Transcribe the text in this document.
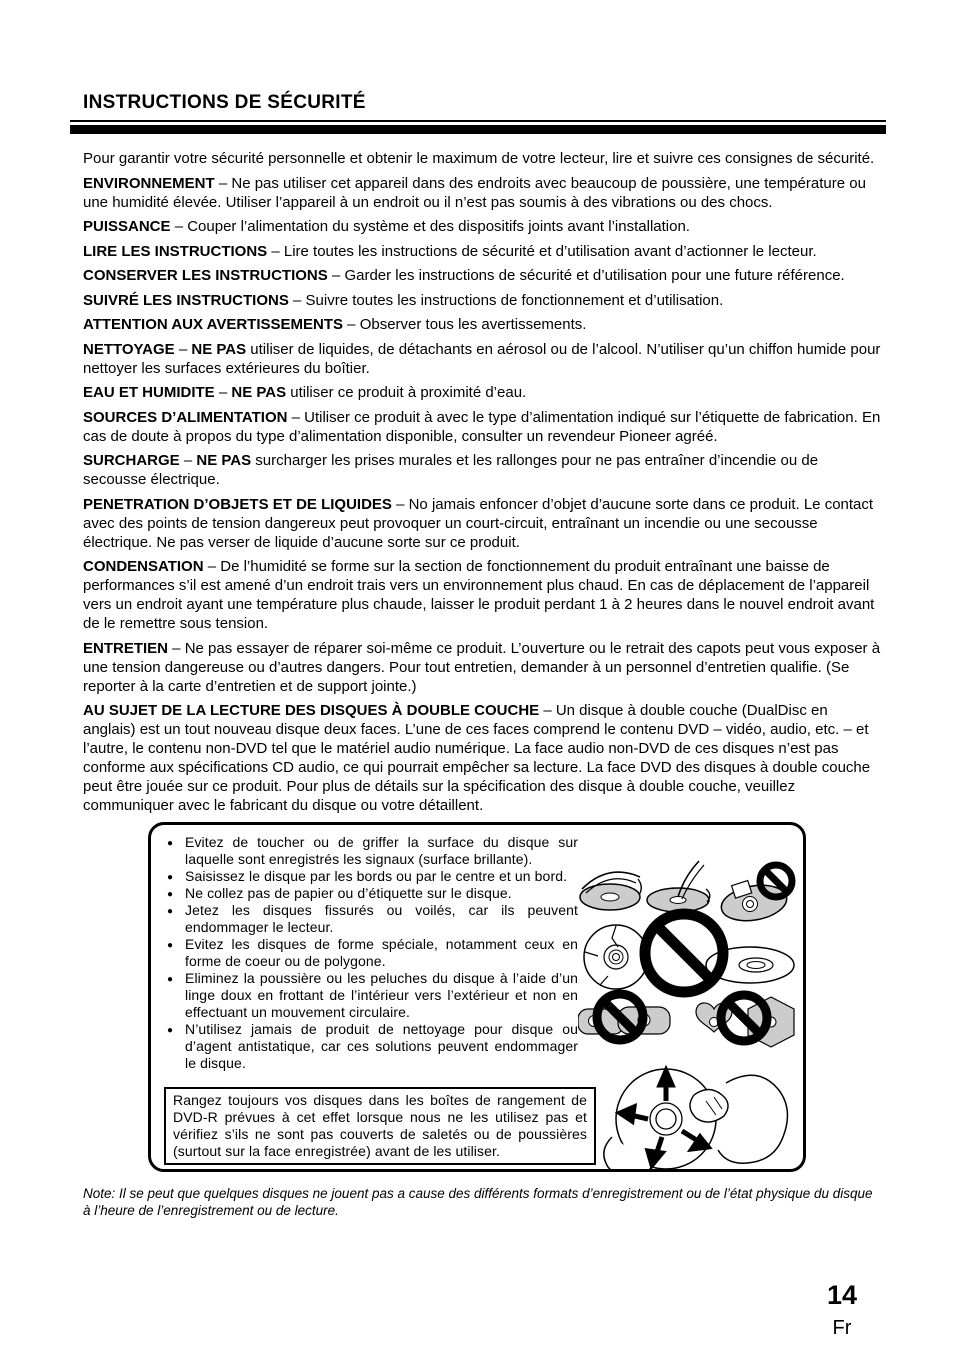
INSTRUCTIONS DE SÉCURITÉ

Pour garantir votre sécurité personnelle et obtenir le maximum de votre lecteur, lire et suivre ces consignes de sécurité.

ENVIRONNEMENT – Ne pas utiliser cet appareil dans des endroits avec beaucoup de poussière, une température ou une humidité élevée. Utiliser l’appareil à un endroit ou il n’est pas soumis à des vibrations ou des chocs.

PUISSANCE – Couper l’alimentation du système et des dispositifs joints avant l’installation.

LIRE LES INSTRUCTIONS – Lire toutes les instructions de sécurité et d’utilisation avant d’actionner le lecteur.

CONSERVER LES INSTRUCTIONS – Garder les instructions de sécurité et d’utilisation pour une future référence.

SUIVRÉ LES INSTRUCTIONS – Suivre toutes les instructions de fonctionnement et d’utilisation.

ATTENTION AUX AVERTISSEMENTS – Observer tous les avertissements.

NETTOYAGE – NE PAS utiliser de liquides, de détachants en aérosol ou de l’alcool. N’utiliser qu’un chiffon humide pour nettoyer les surfaces extérieures du boîtier.

EAU ET HUMIDITE – NE PAS utiliser ce produit à proximité d’eau.

SOURCES D’ALIMENTATION – Utiliser ce produit à avec le type d’alimentation indiqué sur l’étiquette de fabrication. En cas de doute à propos du type d’alimentation disponible, consulter un revendeur Pioneer agréé.

SURCHARGE – NE PAS surcharger les prises murales et les rallonges pour ne pas entraîner d’incendie ou de secousse électrique.

PENETRATION D’OBJETS ET DE LIQUIDES – No jamais enfoncer d’objet d’aucune sorte dans ce produit. Le contact avec des points de tension dangereux peut provoquer un court-circuit, entraînant un incendie ou une secousse électrique. Ne pas verser de liquide d’aucune sorte sur ce produit.

CONDENSATION – De l’humidité se forme sur la section de fonctionnement du produit entraînant une baisse de performances s’il est amené d’un endroit trais vers un environnement plus chaud. En cas de déplacement de l’appareil vers un endroit ayant une température plus chaude, laisser le produit perdant 1 à 2 heures dans le nouvel endroit avant de le remettre sous tension.

ENTRETIEN – Ne pas essayer de réparer soi-même ce produit. L’ouverture ou le retrait des capots peut vous exposer à une tension dangereuse ou d’autres dangers. Pour tout entretien, demander à un personnel d’entretien qualifie. (Se reporter à la carte d’entretien et de support jointe.)

AU SUJET DE LA LECTURE DES DISQUES À DOUBLE COUCHE – Un disque à double couche (DualDisc en anglais) est un tout nouveau disque deux faces. L’une de ces faces comprend le contenu DVD – vidéo, audio, etc. – et l’autre, le contenu non-DVD tel que le matériel audio numérique. La face audio non-DVD de ces disques n’est pas conforme aux spécifications CD audio, ce qui pourrait empêcher sa lecture. La face DVD des disques à double couche peut être jouée sur ce produit. Pour plus de détails sur la spécification des disque à double couche, veuillez communiquer avec le fabricant du disque ou votre détaillent.

● Evitez de toucher ou de griffer la surface du disque sur laquelle sont enregistrés les signaux (surface brillante).
● Saisissez le disque par les bords ou par le centre et un bord.
● Ne collez pas de papier ou d’étiquette sur le disque.
● Jetez les disques fissurés ou voilés, car ils peuvent endommager le lecteur.
● Evitez les disques de forme spéciale, notamment ceux en forme de coeur ou de polygone.
● Eliminez la poussière ou les peluches du disque à l’aide d’un linge doux en frottant de l’intérieur vers l’extérieur et non en effectuant un mouvement circulaire.
● N’utilisez jamais de produit de nettoyage pour disque ou d’agent antistatique, car ces solutions peuvent endommager le disque.
Rangez toujours vos disques dans les boîtes de rangement de DVD-R prévues à cet effet lorsque nous ne les utilisez pas et vérifiez s’ils ne sont pas couverts de saletés ou de poussières (surtout sur la face enregistrée) avant de les utiliser.
Note: Il se peut que quelques disques ne jouent pas a cause des différents formats d’enregistrement ou de l’état physique du disque à l’heure de l’enregistrement ou de lecture.
14
Fr
